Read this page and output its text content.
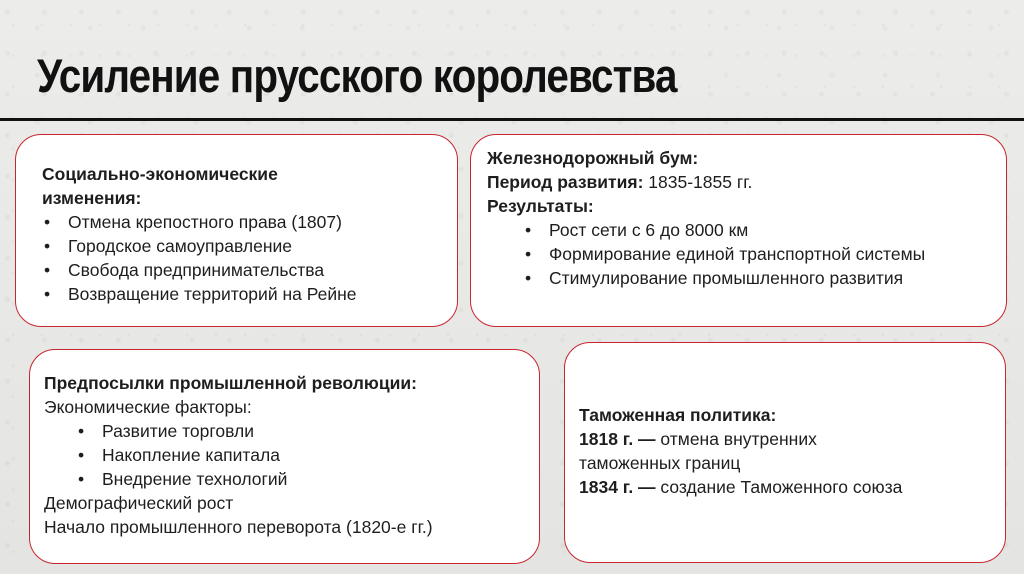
Усиление прусского королевства
Социально-экономические изменения:
• Отмена крепостного права (1807)
• Городское самоуправление
• Свобода предпринимательства
• Возвращение территорий на Рейне
Железнодорожный бум:
Период развития: 1835-1855 гг.
Результаты:
• Рост сети с 6 до 8000 км
• Формирование единой транспортной системы
• Стимулирование промышленного развития
Предпосылки промышленной революции:
Экономические факторы:
• Развитие торговли
• Накопление капитала
• Внедрение технологий
Демографический рост
Начало промышленного переворота (1820-е гг.)
Таможенная политика:
1818 г. — отмена внутренних таможенных границ
1834 г. — создание Таможенного союза
